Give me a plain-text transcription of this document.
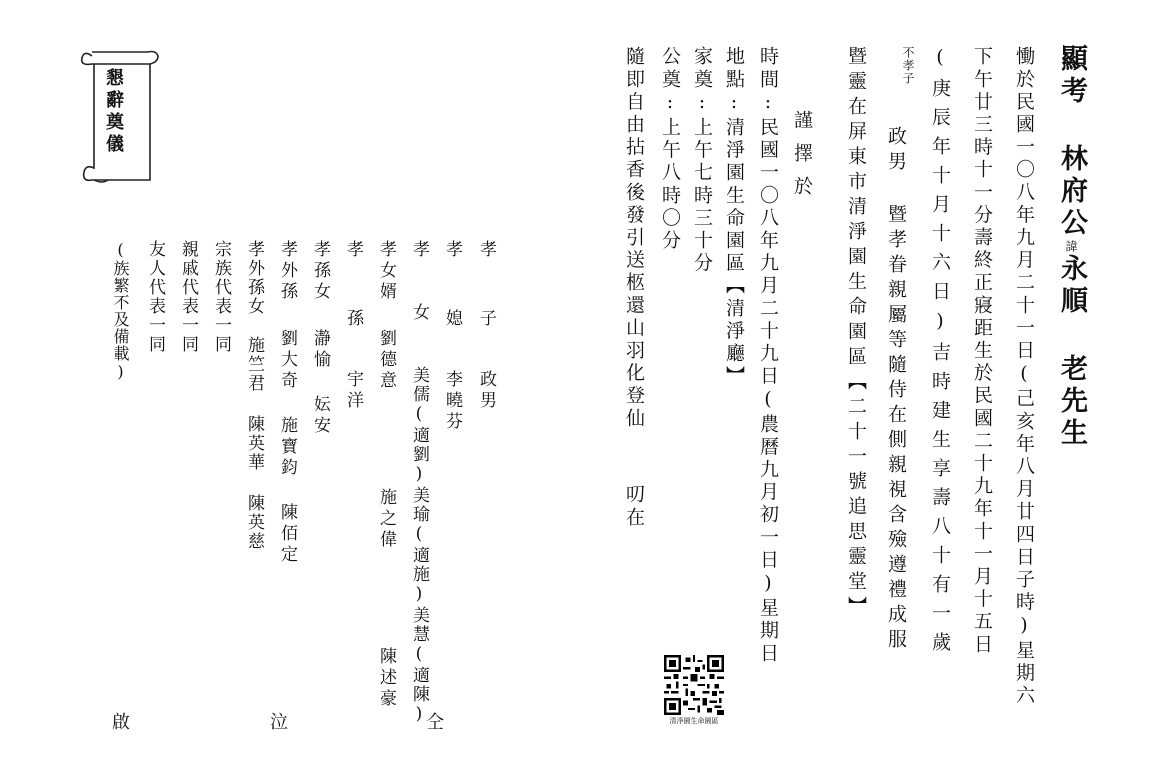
懇辭奠儀	顯考 林府公諱永順 老先生
慟於民國一〇八年九月二十一日(己亥年八月廿四日子時)星期六
下午廿三時十一分壽終正寢距生於民國二十九年十一月十五日
(庚辰年十月十六日)吉時建生享壽八十有一歲
不孝子
政男 暨孝眷親屬等隨侍在側親視含殮遵禮成服
暨靈在屏東市清淨園生命園區【二十一號追思靈堂】
謹擇於
時間:民國一〇八年九月二十九日(農曆九月初一日)星期日
地點:清淨園生命園區【清淨廳】
家奠:上午七時三十分
公奠:上午八時〇分
隨即自由拈香後發引送柩還山羽化登仙
叨在
清淨園生命園區
孝  子政男
孝  媳李曉芬
孝  女美儒(適劉)美瑜(適施)美慧(適陳)
孝女婿劉德意    施之偉    陳述豪
孝  孫宇洋
孝孫女瀞愉 妘安
孝外孫劉大奇 施寶鈞 陳佰定
孝外孫女施竺君 陳英華 陳英慈
宗族代表一同
親戚代表一同
友人代表一同
(族繁不及備載)
啟	泣	仝
